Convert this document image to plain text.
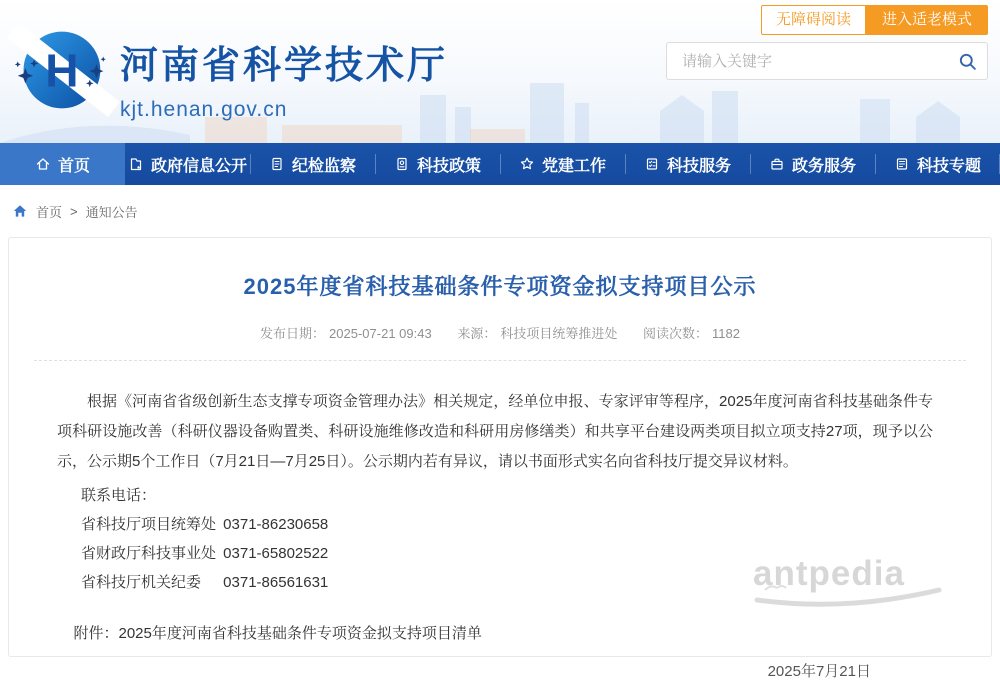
H 河南省科学技术厅
kjt.henan.gov.cn
无障碍阅读	进入适老模式
请输入关键字
首页	政府信息公开	纪检监察	科技政策	党建工作	科技服务	政务服务	科技专题
首页 > 通知公告
2025年度省科技基础条件专项资金拟支持项目公示
发布日期： 2025-07-21 09:43 来源： 科技项目统筹推进处 阅读次数： 1182

根据《河南省省级创新生态支撑专项资金管理办法》相关规定，经单位申报、专家评审等程序，2025年度河南省科技基础条件专项科研设施改善（科研仪器设备购置类、科研设施维修改造和科研用房修缮类）和共享平台建设两类项目拟立项支持27项，现予以公示，公示期5个工作日（7月21日—7月25日）。公示期内若有异议，请以书面形式实名向省科技厅提交异议材料。

联系电话：
省科技厅项目统筹处 0371-86230658
省财政厅科技事业处 0371-65802522
省科技厅机关纪委 0371-86561631
附件：2025年度河南省科技基础条件专项资金拟支持项目清单
2025年7月21日
antpedia
